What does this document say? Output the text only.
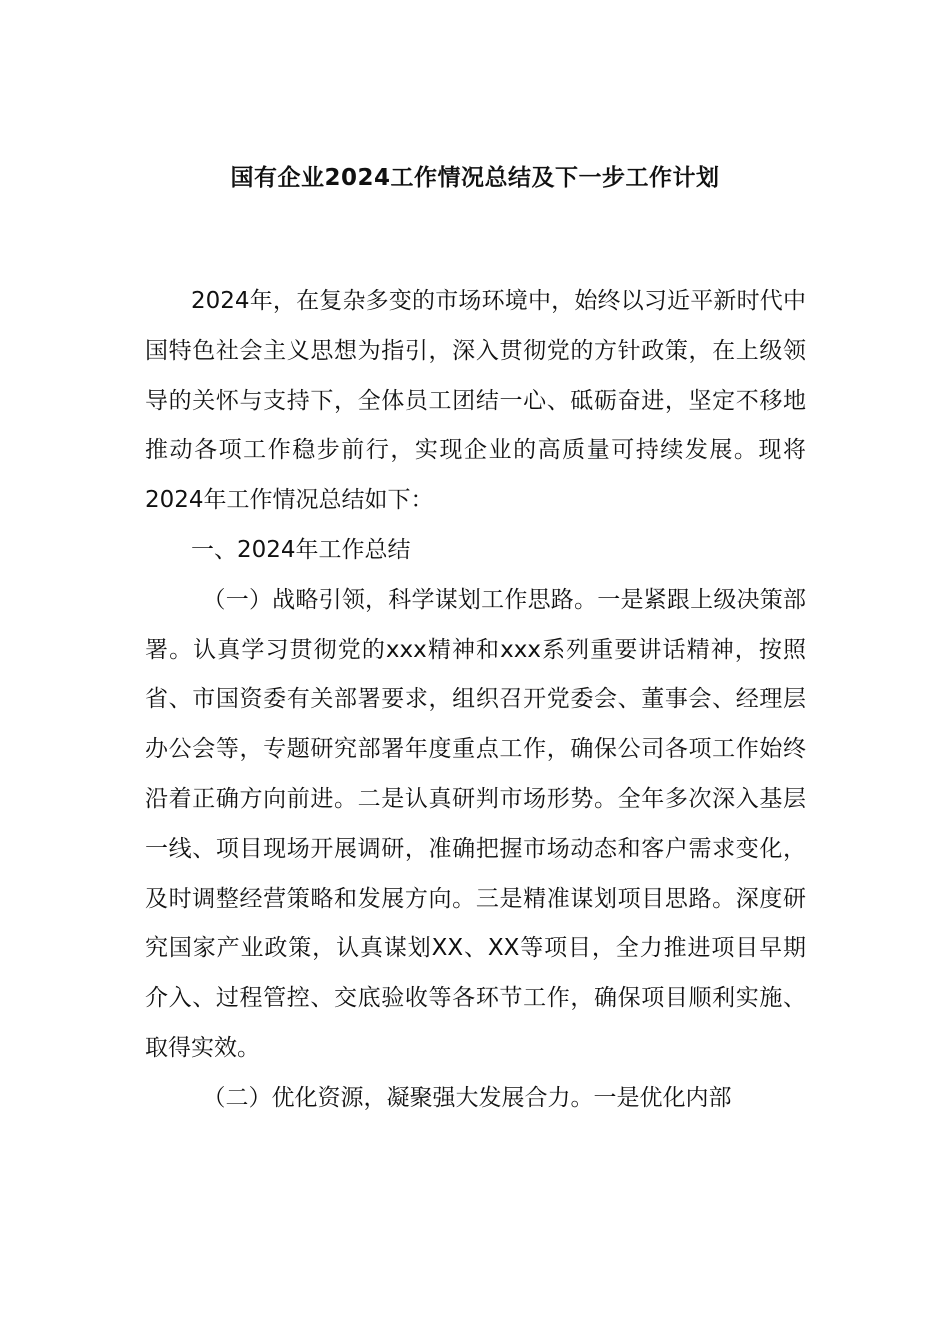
国有企业2024工作情况总结及下一步工作计划

2024年，在复杂多变的市场环境中，始终以习近平新时代中国特色社会主义思想为指引，深入贯彻党的方针政策，在上级领导的关怀与支持下，全体员工团结一心、砥砺奋进，坚定不移地推动各项工作稳步前行，实现企业的高质量可持续发展。现将2024年工作情况总结如下：

一、2024年工作总结

（一）战略引领，科学谋划工作思路。一是紧跟上级决策部署。认真学习贯彻党的xxx精神和xxx系列重要讲话精神，按照省、市国资委有关部署要求，组织召开党委会、董事会、经理层办公会等，专题研究部署年度重点工作，确保公司各项工作始终沿着正确方向前进。二是认真研判市场形势。全年多次深入基层一线、项目现场开展调研，准确把握市场动态和客户需求变化，及时调整经营策略和发展方向。三是精准谋划项目思路。深度研究国家产业政策，认真谋划XX、XX等项目，全力推进项目早期介入、过程管控、交底验收等各环节工作，确保项目顺利实施、取得实效。

（二）优化资源，凝聚强大发展合力。一是优化内部
